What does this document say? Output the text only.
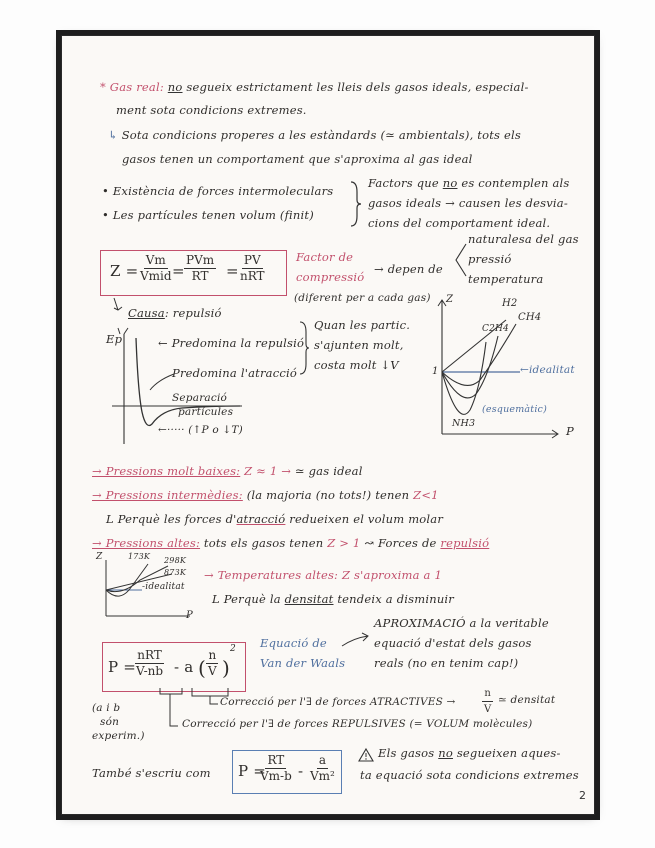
* Gas real: no segueix estrictament les lleis dels gasos ideals, especial-
ment sota condicions extremes.
↳ Sota condicions properes a les estàndards (≃ ambientals), tots els
gasos tenen un comportament que s'aproxima al gas ideal
• Existència de forces intermoleculars
• Les partícules tenen volum (finit)
Factors que no es contemplen als
gasos ideals → causen les desvia-
cions del comportament ideal.
Z =
Vm
Vmid =
PVm
RT =
PV
nRT
Factor de
compressió
→ depen de
naturalesa del gas
pressió
temperatura
(diferent per a cada gas)
Causa: repulsió
Ep	← Predomina la repulsió
Predomina l'atracció
Separació
partícules
←····· (↑P o ↓T)
Quan les partic.
s'ajunten molt,
costa molt ↓V
Z
P
1
H2
CH4
C2H4
NH3
←idealitat
(esquemàtic)
→ Pressions molt baixes: Z ≈ 1 → ≃ gas ideal
→ Pressions intermèdies: (la majoria (no tots!) tenen Z<1
L Perquè les forces d'atracció redueixen el volum molar
→ Pressions altes: tots els gasos tenen Z > 1 ↝ Forces de repulsió
Z
P
173K 298K
873K
-idealitat
→ Temperatures altes: Z s'aproxima a 1
L Perquè la densitat tendeix a disminuir
P =
nRT
V-nb - a ( $\frac{n}{V}$ )
2 Equació de
Van der Waals
APROXIMACIÓ a la veritable
equació d'estat dels gasos
reals (no en tenim cap!)
Correcció per l'∃ de forces ATRACTIVES →	$\frac{n}{V}$ ≃ densitat
Correcció per l'∃ de forces REPULSIVES (= VOLUM molècules)
(a i b
són
experim.)
També s'escriu com P =
$\frac{RT}{Vm-b} - \frac{a}{\text{Vm²}}$	Els gasos no segueixen aques-
ta equació sota condicions extremes
2
